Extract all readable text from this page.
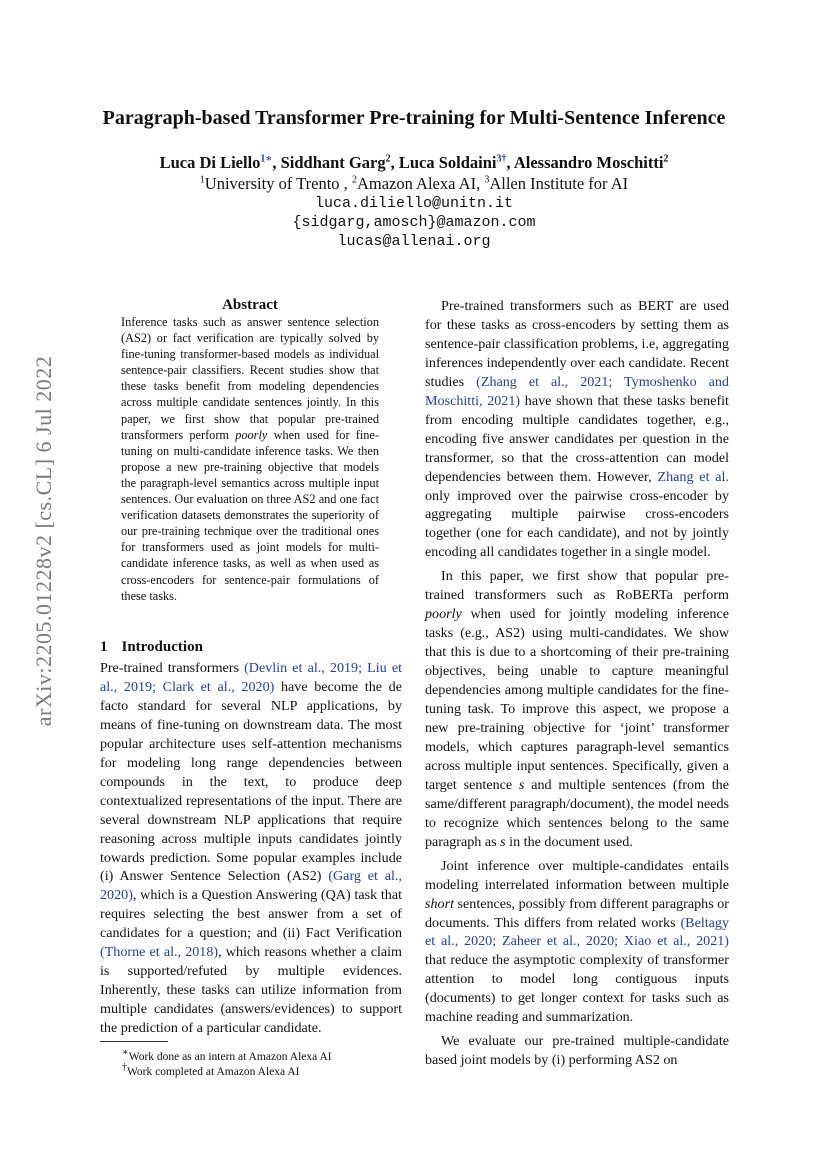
Paragraph-based Transformer Pre-training for Multi-Sentence Inference
Luca Di Liello$^{1∗}$, Siddhant Garg$^2$, Luca Soldaini$^{3\dagger}$, Alessandro Moschitti$^2$
$^1$University of Trento , $^2$Amazon Alexa AI, $^3$Allen Institute for AI
luca.diliello@unitn.it
{sidgarg,amosch}@amazon.com
lucas@allenai.org
arXiv:2205.01228v2 [cs.CL] 6 Jul 2022
Abstract
Inference tasks such as answer sentence selection (AS2) or fact verification are typically solved by fine-tuning transformer-based models as individual sentence-pair classifiers. Recent studies show that these tasks benefit from modeling dependencies across multiple candidate sentences jointly. In this paper, we first show that popular pre-trained transformers perform poorly when used for fine-tuning on multi-candidate inference tasks. We then propose a new pre-training objective that models the paragraph-level semantics across multiple input sentences. Our evaluation on three AS2 and one fact verification datasets demonstrates the superiority of our pre-training technique over the traditional ones for transformers used as joint models for multi-candidate inference tasks, as well as when used as cross-encoders for sentence-pair formulations of these tasks.
1 Introduction
Pre-trained transformers (Devlin et al., 2019; Liu et al., 2019; Clark et al., 2020) have become the de facto standard for several NLP applications, by means of fine-tuning on downstream data. The most popular architecture uses self-attention mechanisms for modeling long range dependencies between compounds in the text, to produce deep contextualized representations of the input. There are several downstream NLP applications that require reasoning across multiple inputs candidates jointly towards prediction. Some popular examples include (i) Answer Sentence Selection (AS2) (Garg et al., 2020), which is a Question Answering (QA) task that requires selecting the best answer from a set of candidates for a question; and (ii) Fact Verification (Thorne et al., 2018), which reasons whether a claim is supported/refuted by multiple evidences. Inherently, these tasks can utilize information from multiple candidates (answers/evidences) to support the prediction of a particular candidate.
∗Work done as an intern at Amazon Alexa AI
†Work completed at Amazon Alexa AI

Pre-trained transformers such as BERT are used for these tasks as cross-encoders by setting them as sentence-pair classification problems, i.e, aggregating inferences independently over each candidate. Recent studies (Zhang et al., 2021; Tymoshenko and Moschitti, 2021) have shown that these tasks benefit from encoding multiple candidates together, e.g., encoding five answer candidates per question in the transformer, so that the cross-attention can model dependencies between them. However, Zhang et al. only improved over the pairwise cross-encoder by aggregating multiple pairwise cross-encoders together (one for each candidate), and not by jointly encoding all candidates together in a single model.

In this paper, we first show that popular pre-trained transformers such as RoBERTa perform poorly when used for jointly modeling inference tasks (e.g., AS2) using multi-candidates. We show that this is due to a shortcoming of their pre-training objectives, being unable to capture meaningful dependencies among multiple candidates for the fine-tuning task. To improve this aspect, we propose a new pre-training objective for ‘joint’ transformer models, which captures paragraph-level semantics across multiple input sentences. Specifically, given a target sentence s and multiple sentences (from the same/different paragraph/document), the model needs to recognize which sentences belong to the same paragraph as s in the document used.

Joint inference over multiple-candidates entails modeling interrelated information between multiple short sentences, possibly from different paragraphs or documents. This differs from related works (Beltagy et al., 2020; Zaheer et al., 2020; Xiao et al., 2021) that reduce the asymptotic complexity of transformer attention to model long contiguous inputs (documents) to get longer context for tasks such as machine reading and summarization.

We evaluate our pre-trained multiple-candidate based joint models by (i) performing AS2 on
